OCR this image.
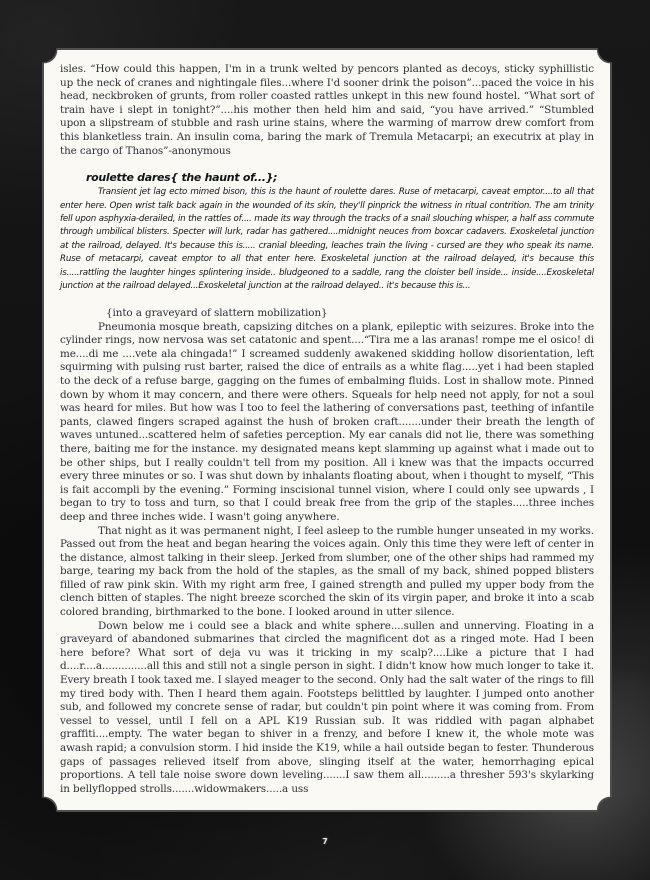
isles. “How could this happen, I'm in a trunk welted by pencors planted as decoys, sticky syphillistic up the neck of cranes and nightingale files...where I'd sooner drink the poison”...paced the voice in his head, neckbroken of grunts, from roller coasted rattles unkept in this new found hostel. “What sort of train have i slept in tonight?”....his mother then held him and said, “you have arrived.” “Stumbled upon a slipstream of stubble and rash urine stains, where the warming of marrow drew comfort from this blanketless train. An insulin coma, baring the mark of Tremula Metacarpi; an executrix at play in the cargo of Thanos”-anonymous

roulette dares{ the haunt of...};

Transient jet lag ecto mimed bison, this is the haunt of roulette dares. Ruse of metacarpi, caveat emptor....to all that enter here. Open wrist talk back again in the wounded of its skin, they'll pinprick the witness in ritual contrition. The am trinity fell upon asphyxia-derailed, in the rattles of.... made its way through the tracks of a snail slouching whisper, a half ass commute through umbilical blisters. Specter will lurk, radar has gathered....midnight neuces from boxcar cadavers. Exoskeletal junction at the railroad, delayed. It's because this is..... cranial bleeding, leaches train the living - cursed are they who speak its name. Ruse of metacarpi, caveat emptor to all that enter here. Exoskeletal junction at the railroad delayed, it's because this is.....rattling the laughter hinges splintering inside.. bludgeoned to a saddle, rang the cloister bell inside... inside....Exoskeletal junction at the railroad delayed...Exoskeletal junction at the railroad delayed.. it's because this is...

{into a graveyard of slattern mobilization}

Pneumonia mosque breath, capsizing ditches on a plank, epileptic with seizures. Broke into the cylinder rings, now nervosa was set catatonic and spent....“Tira me a las aranas! rompe me el osico! di me....di me ....vete ala chingada!” I screamed suddenly awakened skidding hollow disorientation, left squirming with pulsing rust barter, raised the dice of entrails as a white flag.....yet i had been stapled to the deck of a refuse barge, gagging on the fumes of embalming fluids. Lost in shallow mote. Pinned down by whom it may concern, and there were others. Squeals for help need not apply, for not a soul was heard for miles. But how was I too to feel the lathering of conversations past, teething of infantile pants, clawed fingers scraped against the hush of broken craft.......under their breath the length of waves untuned...scattered helm of safeties perception. My ear canals did not lie, there was something there, baiting me for the instance. my designated means kept slamming up against what i made out to be other ships, but I really couldn't tell from my position. All i knew was that the impacts occurred every three minutes or so. I was shut down by inhalants floating about, when i thought to myself, “This is fait accompli by the evening.” Forming inscisional tunnel vision, where I could only see upwards , I began to try to toss and turn, so that I could break free from the grip of the staples.....three inches deep and three inches wide. I wasn't going anywhere.

That night as it was permanent night, I feel asleep to the rumble hunger unseated in my works. Passed out from the heat and began hearing the voices again. Only this time they were left of center in the distance, almost talking in their sleep. Jerked from slumber, one of the other ships had rammed my barge, tearing my back from the hold of the staples, as the small of my back, shined popped blisters filled of raw pink skin. With my right arm free, I gained strength and pulled my upper body from the clench bitten of staples. The night breeze scorched the skin of its virgin paper, and broke it into a scab colored branding, birthmarked to the bone. I looked around in utter silence.

Down below me i could see a black and white sphere....sullen and unnerving. Floating in a graveyard of abandoned submarines that circled the magnificent dot as a ringed mote. Had I been here before? What sort of deja vu was it tricking in my scalp?....Like a picture that I had d....r....a..............all this and still not a single person in sight. I didn't know how much longer to take it. Every breath I took taxed me. I slayed meager to the second. Only had the salt water of the rings to fill my tired body with. Then I heard them again. Footsteps belittled by laughter. I jumped onto another sub, and followed my concrete sense of radar, but couldn't pin point where it was coming from. From vessel to vessel, until I fell on a APL K19 Russian sub. It was riddled with pagan alphabet graffiti....empty. The water began to shiver in a frenzy, and before I knew it, the whole mote was awash rapid; a convulsion storm. I hid inside the K19, while a hail outside began to fester. Thunderous gaps of passages relieved itself from above, slinging itself at the water, hemorrhaging epical proportions. A tell tale noise swore down leveling.......I saw them all.........a thresher 593's skylarking in bellyflopped strolls.......widowmakers.....a uss

7
